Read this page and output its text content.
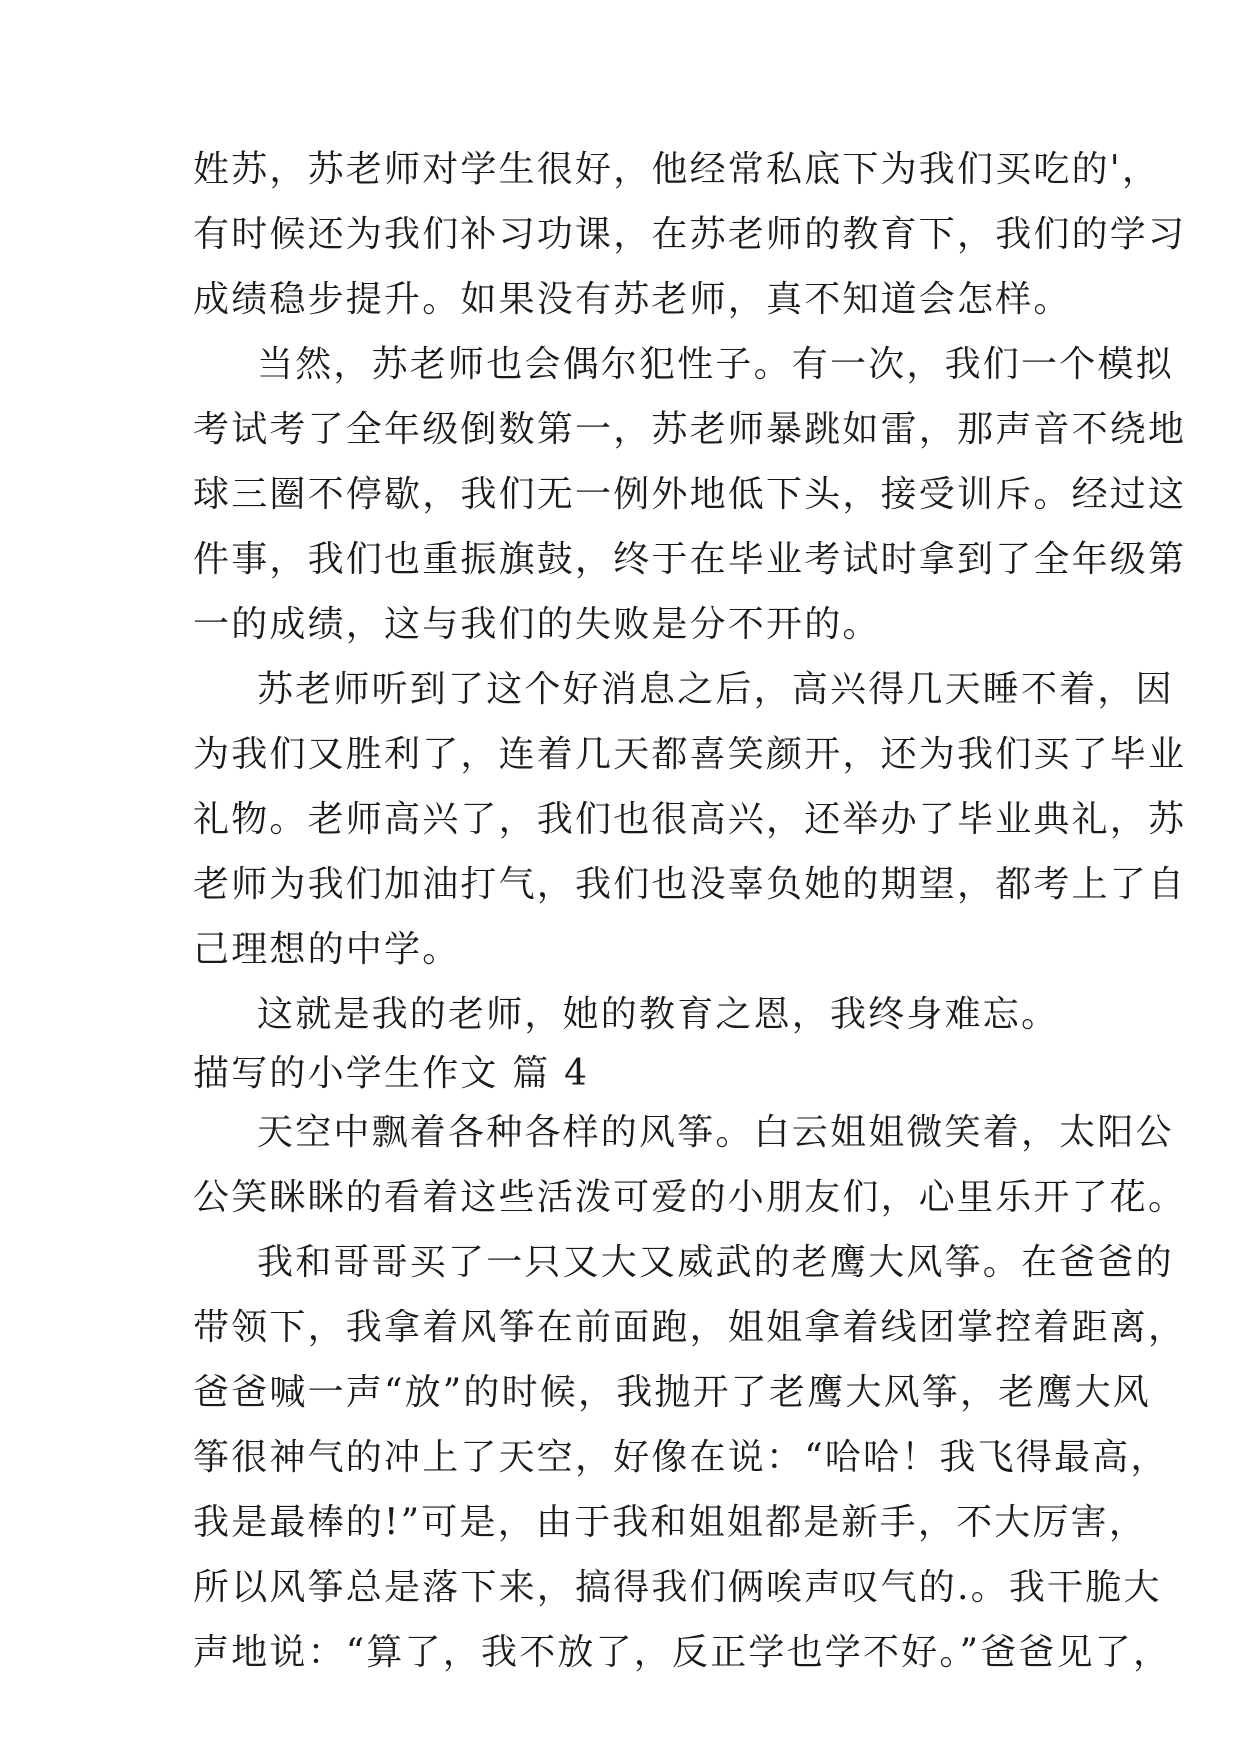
姓苏，苏老师对学生很好，他经常私底下为我们买吃的'，
有时候还为我们补习功课，在苏老师的教育下，我们的学习
成绩稳步提升。如果没有苏老师，真不知道会怎样。
当然，苏老师也会偶尔犯性子。有一次，我们一个模拟
考试考了全年级倒数第一，苏老师暴跳如雷，那声音不绕地
球三圈不停歇，我们无一例外地低下头，接受训斥。经过这
件事，我们也重振旗鼓，终于在毕业考试时拿到了全年级第
一的成绩，这与我们的失败是分不开的。
苏老师听到了这个好消息之后，高兴得几天睡不着，因
为我们又胜利了，连着几天都喜笑颜开，还为我们买了毕业
礼物。老师高兴了，我们也很高兴，还举办了毕业典礼，苏
老师为我们加油打气，我们也没辜负她的期望，都考上了自
己理想的中学。
这就是我的老师，她的教育之恩，我终身难忘。
描写的小学生作文 篇 4
天空中飘着各种各样的风筝。白云姐姐微笑着，太阳公
公笑眯眯的看着这些活泼可爱的小朋友们，心里乐开了花。
我和哥哥买了一只又大又威武的老鹰大风筝。在爸爸的
带领下，我拿着风筝在前面跑，姐姐拿着线团掌控着距离，
爸爸喊一声“放”的时候，我抛开了老鹰大风筝，老鹰大风
筝很神气的冲上了天空，好像在说：“哈哈！我飞得最高，
我是最棒的!”可是，由于我和姐姐都是新手，不大厉害，
所以风筝总是落下来，搞得我们俩唉声叹气的.。我干脆大
声地说：“算了，我不放了，反正学也学不好。”爸爸见了，
